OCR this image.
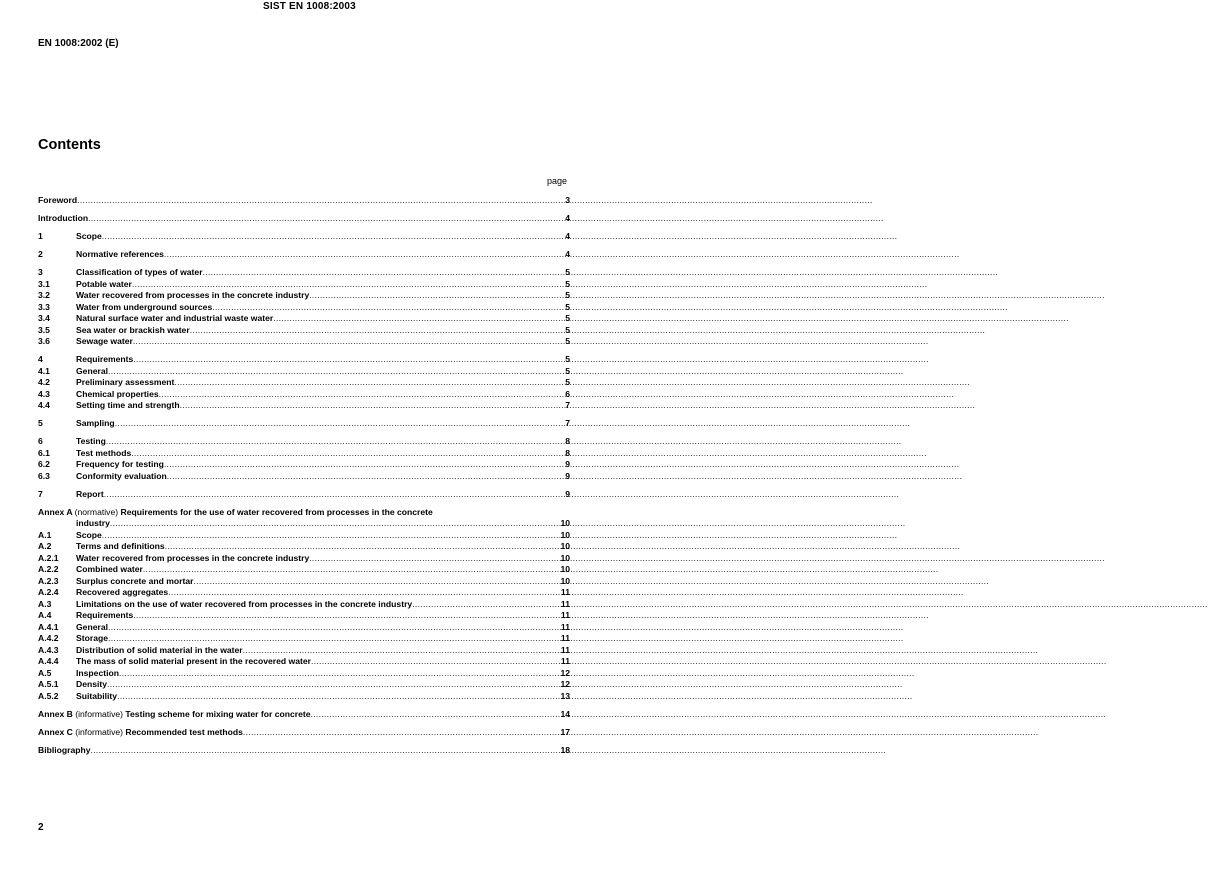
SIST EN 1008:2003
EN 1008:2002 (E)
Contents
page
Foreword .....	3
Introduction .....	4
1	Scope .....	4
2	Normative references .....	4
3	Classification of types of water .....	5
3.1	Potable water .....	5
3.2	Water recovered from processes in the concrete industry .....	5
3.3	Water from underground sources .....	5
3.4	Natural surface water and industrial waste water .....	5
3.5	Sea water or brackish water .....	5
3.6	Sewage water .....	5
4	Requirements .....	5
4.1	General .....	5
4.2	Preliminary assessment .....	5
4.3	Chemical properties .....	6
4.4	Setting time and strength .....	7
5	Sampling .....	7
6	Testing .....	8
6.1	Test methods .....	8
6.2	Frequency for testing .....	9
6.3	Conformity evaluation .....	9
7	Report .....	9
Annex A (normative) Requirements for the use of water recovered from processes in the concrete
industry .....	10
A.1	Scope .....	10
A.2	Terms and definitions .....	10
A.2.1	Water recovered from processes in the concrete industry .....	10
A.2.2	Combined water .....	10
A.2.3	Surplus concrete and mortar .....	10
A.2.4	Recovered aggregates .....	11
A.3	Limitations on the use of water recovered from processes in the concrete industry .....	11
A.4	Requirements .....	11
A.4.1	General .....	11
A.4.2	Storage .....	11
A.4.3	Distribution of solid material in the water .....	11
A.4.4	The mass of solid material present in the recovered water .....	11
A.5	Inspection .....	12
A.5.1	Density .....	12
A.5.2	Suitability .....	13
Annex B (informative) Testing scheme for mixing water for concrete .....	14
Annex C (informative) Recommended test methods .....	17
Bibliography .....	18
2
